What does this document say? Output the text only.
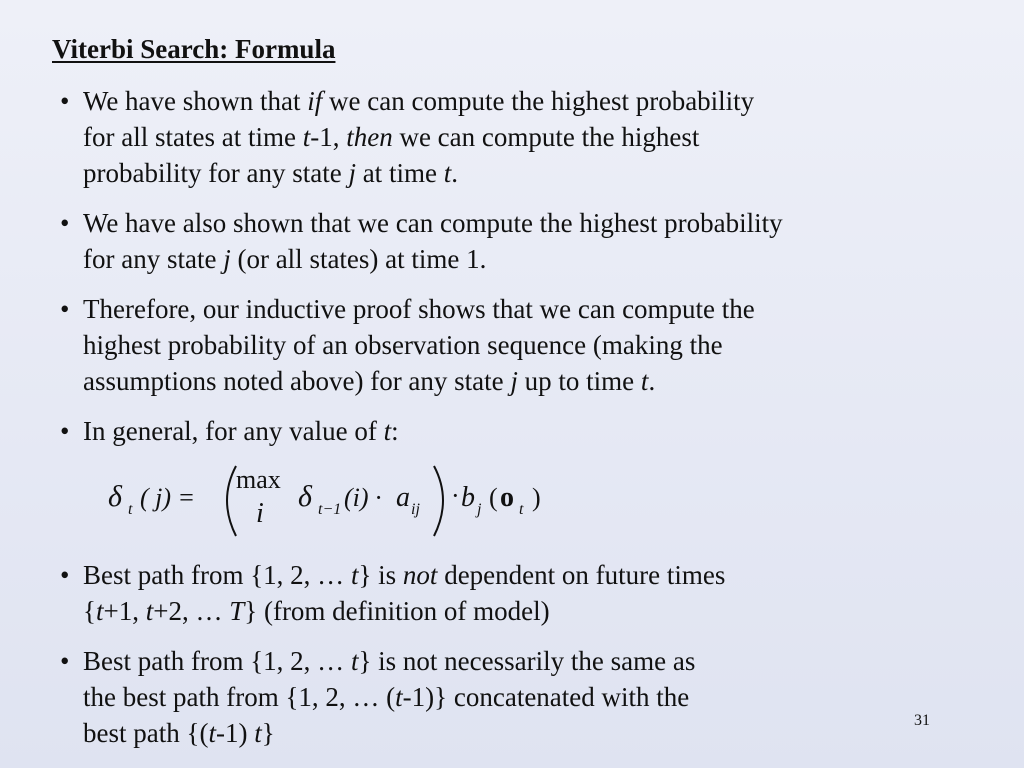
Viterbi Search: Formula
• We have shown that if we can compute the highest probability
for all states at time t-1, then we can compute the highest
probability for any state j at time t.
• We have also shown that we can compute the highest probability
for any state j (or all states) at time 1.
• Therefore, our inductive proof shows that we can compute the
highest probability of an observation sequence (making the
assumptions noted above) for any state j up to time t.
• In general, for any value of t:
• Best path from {1, 2, … t} is not dependent on future times
{t+1, t+2, … T} (from definition of model)
• Best path from {1, 2, … t} is not necessarily the same as
the best path from {1, 2, … (t-1)} concatenated with the
best path {(t-1) t}
δ t ( j) =
max
i
δ t−1 (i) · a ij · b j ( o t )
31
